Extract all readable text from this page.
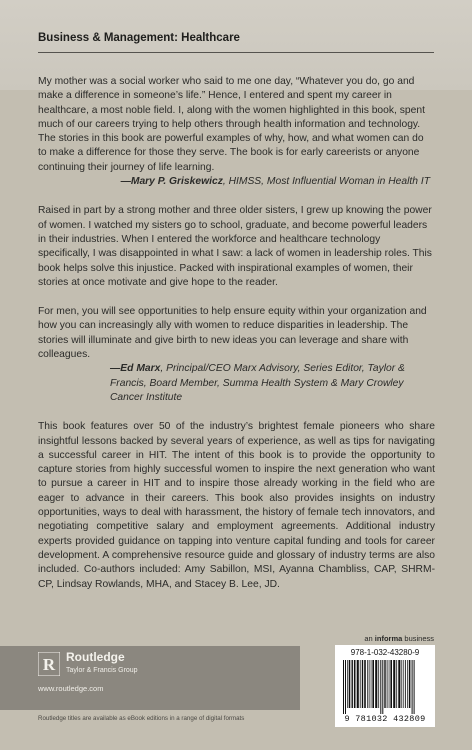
Business & Management: Healthcare

My mother was a social worker who said to me one day, “Whatever you do, go and make a difference in someone’s life.” Hence, I entered and spent my career in healthcare, a most noble field. I, along with the women highlighted in this book, spent much of our careers trying to help others through health information and technology. The stories in this book are powerful examples of why, how, and what women can do to make a difference for those they serve. The book is for early careerists or anyone continuing their journey of life learning.

—Mary P. Griskewicz, HIMSS, Most Influential Woman in Health IT

Raised in part by a strong mother and three older sisters, I grew up knowing the power of women. I watched my sisters go to school, graduate, and become powerful leaders in their industries. When I entered the workforce and healthcare technology specifically, I was disappointed in what I saw: a lack of women in leadership roles. This book helps solve this injustice. Packed with inspirational examples of women, their stories at once motivate and give hope to the reader.

For men, you will see opportunities to help ensure equity within your organization and how you can increasingly ally with women to reduce disparities in leadership. The stories will illuminate and give birth to new ideas you can leverage and share with colleagues.

—Ed Marx, Principal/CEO Marx Advisory, Series Editor, Taylor & Francis, Board Member, Summa Health System & Mary Crowley Cancer Institute

This book features over 50 of the industry’s brightest female pioneers who share insightful lessons backed by several years of experience, as well as tips for navigating a successful career in HIT. The intent of this book is to provide the opportunity to capture stories from highly successful women to inspire the next generation who want to pursue a career in HIT and to inspire those already working in the field who are eager to advance in their careers. This book also provides insights on industry opportunities, ways to deal with harassment, the history of female tech innovators, and negotiating competitive salary and employment agreements. Additional industry experts provided guidance on tapping into venture capital funding and tools for career development. A comprehensive resource guide and glossary of industry terms are also included. Co-authors included: Amy Sabillon, MSI, Ayanna Chambliss, CAP, SHRM-CP, Lindsay Rowlands, MHA, and Stacey B. Lee, JD.

an informa business
R Routledge
Taylor & Francis Group
www.routledge.com
Routledge titles are available as eBook editions in a range of digital formats
978-1-032-43280-9
9 781032 432809
